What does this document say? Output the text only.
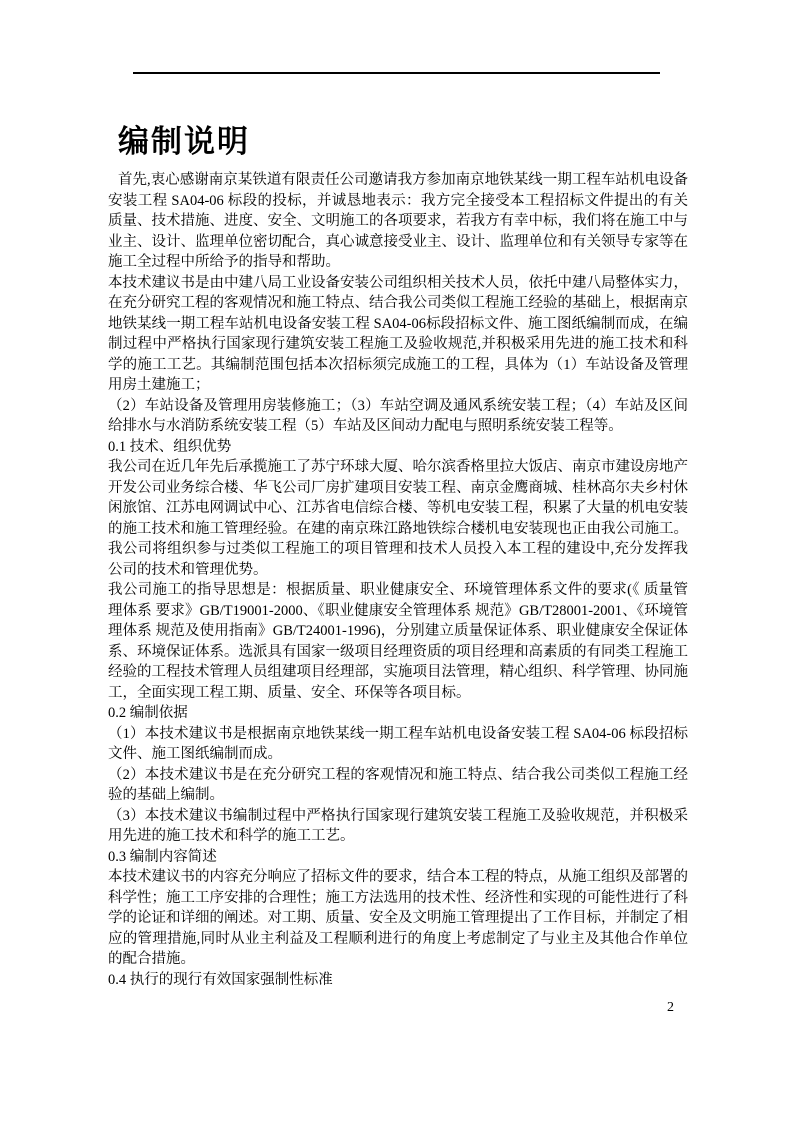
编制说明

首先,衷心感谢南京某铁道有限责任公司邀请我方参加南京地铁某线一期工程车站机电设备安装工程 SA04-06 标段的投标，并诚恳地表示：我方完全接受本工程招标文件提出的有关质量、技术措施、进度、安全、文明施工的各项要求，若我方有幸中标，我们将在施工中与业主、设计、监理单位密切配合，真心诚意接受业主、设计、监理单位和有关领导专家等在施工全过程中所给予的指导和帮助。

本技术建议书是由中建八局工业设备安装公司组织相关技术人员，依托中建八局整体实力，在充分研究工程的客观情况和施工特点、结合我公司类似工程施工经验的基础上，根据南京地铁某线一期工程车站机电设备安装工程 SA04-06标段招标文件、施工图纸编制而成，在编制过程中严格执行国家现行建筑安装工程施工及验收规范,并积极采用先进的施工技术和科学的施工工艺。其编制范围包括本次招标须完成施工的工程，具体为（1）车站设备及管理用房土建施工；

（2）车站设备及管理用房装修施工；（3）车站空调及通风系统安装工程；（4）车站及区间给排水与水消防系统安装工程（5）车站及区间动力配电与照明系统安装工程等。

0.1 技术、组织优势

我公司在近几年先后承揽施工了苏宁环球大厦、哈尔滨香格里拉大饭店、南京市建设房地产开发公司业务综合楼、华飞公司厂房扩建项目安装工程、南京金鹰商城、桂林高尔夫乡村休闲旅馆、江苏电网调试中心、江苏省电信综合楼、等机电安装工程，积累了大量的机电安装的施工技术和施工管理经验。在建的南京珠江路地铁综合楼机电安装现也正由我公司施工。我公司将组织参与过类似工程施工的项目管理和技术人员投入本工程的建设中,充分发挥我公司的技术和管理优势。

我公司施工的指导思想是：根据质量、职业健康安全、环境管理体系文件的要求(《 质量管理体系 要求》GB/T19001-2000、《职业健康安全管理体系 规范》GB/T28001-2001、《环境管理体系 规范及使用指南》GB/T24001-1996)，分别建立质量保证体系、职业健康安全保证体系、环境保证体系。选派具有国家一级项目经理资质的项目经理和高素质的有同类工程施工经验的工程技术管理人员组建项目经理部，实施项目法管理，精心组织、科学管理、协同施工，全面实现工程工期、质量、安全、环保等各项目标。

0.2 编制依据

（1）本技术建议书是根据南京地铁某线一期工程车站机电设备安装工程 SA04-06 标段招标文件、施工图纸编制而成。

（2）本技术建议书是在充分研究工程的客观情况和施工特点、结合我公司类似工程施工经验的基础上编制。

（3）本技术建议书编制过程中严格执行国家现行建筑安装工程施工及验收规范，并积极采用先进的施工技术和科学的施工工艺。

0.3 编制内容简述

本技术建议书的内容充分响应了招标文件的要求，结合本工程的特点，从施工组织及部署的科学性；施工工序安排的合理性；施工方法选用的技术性、经济性和实现的可能性进行了科学的论证和详细的阐述。对工期、质量、安全及文明施工管理提出了工作目标，并制定了相应的管理措施,同时从业主利益及工程顺利进行的角度上考虑制定了与业主及其他合作单位的配合措施。

0.4 执行的现行有效国家强制性标准

2
